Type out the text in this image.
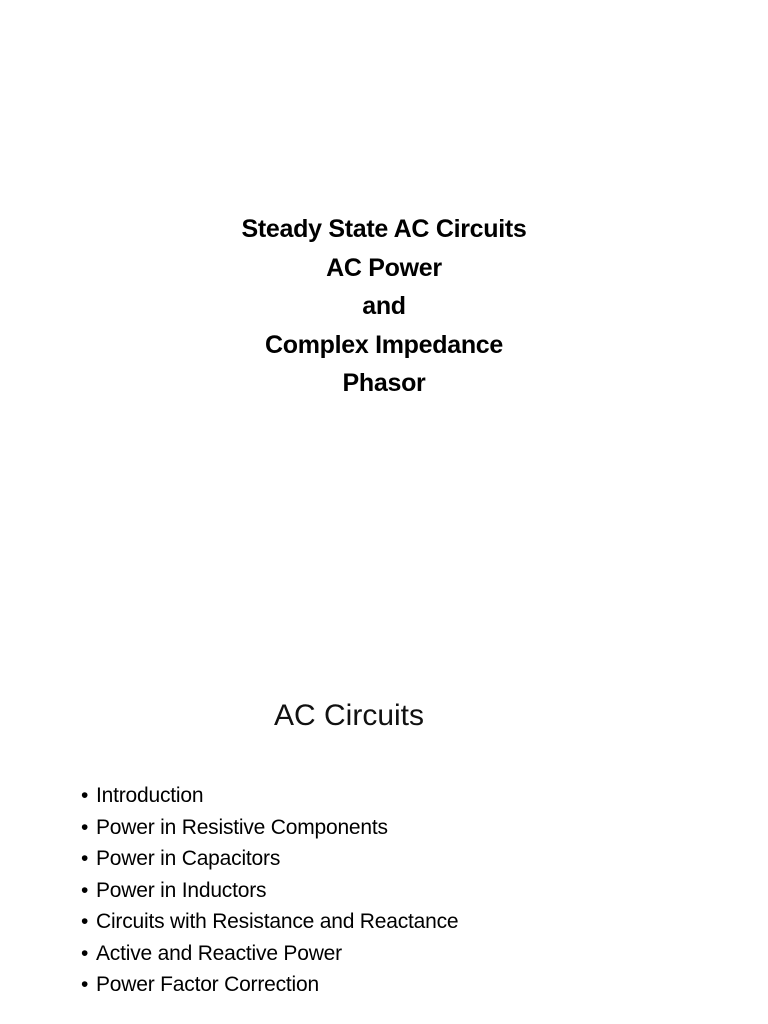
Steady State AC Circuits
AC Power
and
Complex Impedance
Phasor
AC Circuits
• Introduction
• Power in Resistive Components
• Power in Capacitors
• Power in Inductors
• Circuits with Resistance and Reactance
• Active and Reactive Power
• Power Factor Correction
